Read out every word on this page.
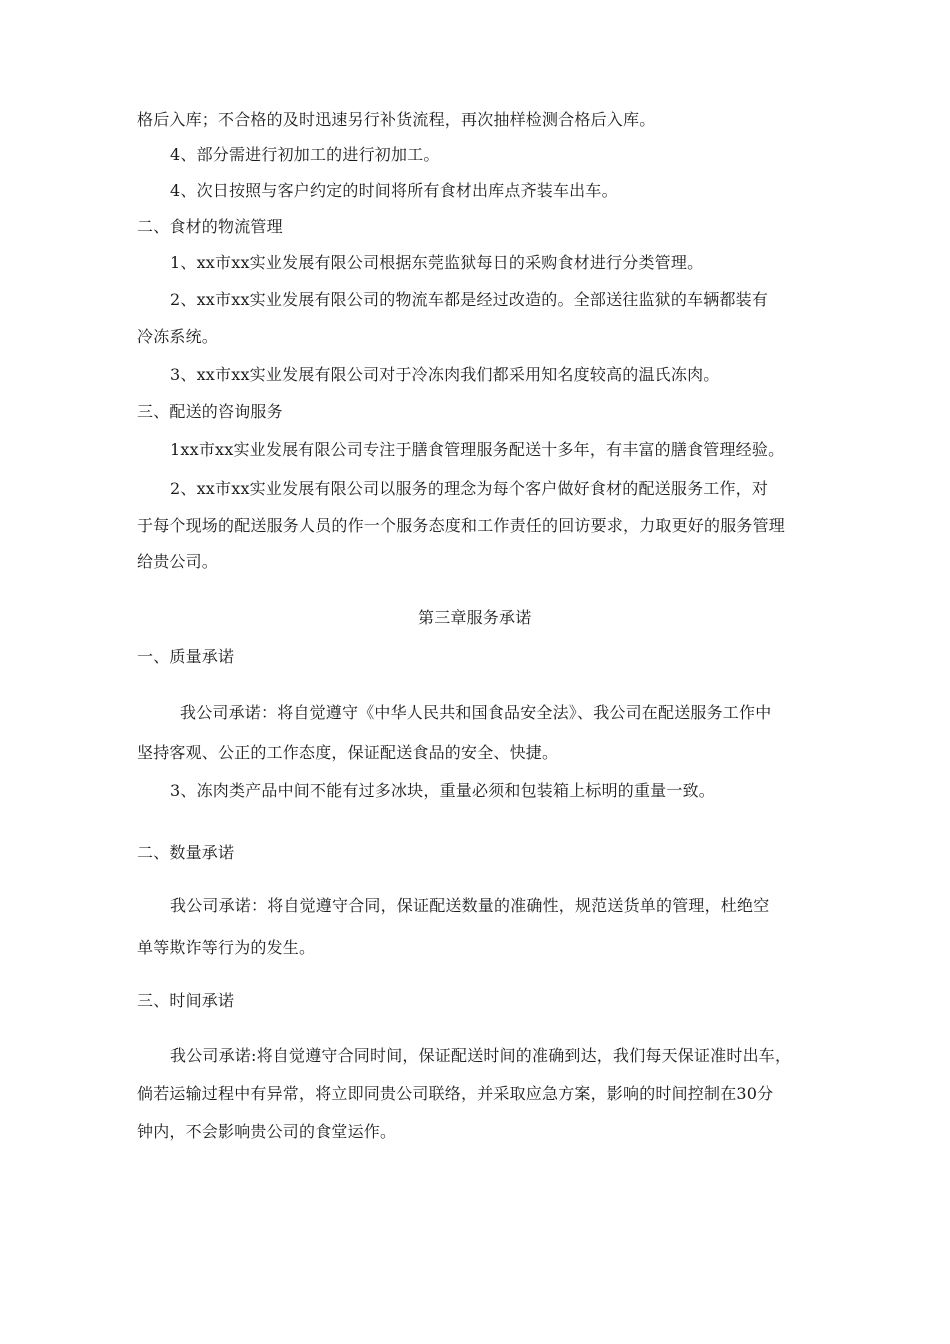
格后入库；不合格的及时迅速另行补货流程，再次抽样检测合格后入库。
4、部分需进行初加工的进行初加工。
4、次日按照与客户约定的时间将所有食材出库点齐装车出车。
二、食材的物流管理
1、xx市xx实业发展有限公司根据东莞监狱每日的采购食材进行分类管理。
2、xx市xx实业发展有限公司的物流车都是经过改造的。全部送往监狱的车辆都装有
冷冻系统。
3、xx市xx实业发展有限公司对于冷冻肉我们都采用知名度较高的温氏冻肉。
三、配送的咨询服务
1xx市xx实业发展有限公司专注于膳食管理服务配送十多年，有丰富的膳食管理经验。
2、xx市xx实业发展有限公司以服务的理念为每个客户做好食材的配送服务工作，对
于每个现场的配送服务人员的作一个服务态度和工作责任的回访要求，力取更好的服务管理
给贵公司。
第三章服务承诺
一、质量承诺
我公司承诺：将自觉遵守《中华人民共和国食品安全法》、我公司在配送服务工作中
坚持客观、公正的工作态度，保证配送食品的安全、快捷。
3、冻肉类产品中间不能有过多冰块，重量必须和包装箱上标明的重量一致。
二、数量承诺
我公司承诺：将自觉遵守合同，保证配送数量的准确性，规范送货单的管理，杜绝空
单等欺诈等行为的发生。
三、时间承诺
我公司承诺:将自觉遵守合同时间，保证配送时间的准确到达，我们每天保证准时出车，
倘若运输过程中有异常，将立即同贵公司联络，并采取应急方案，影响的时间控制在30分
钟内，不会影响贵公司的食堂运作。
